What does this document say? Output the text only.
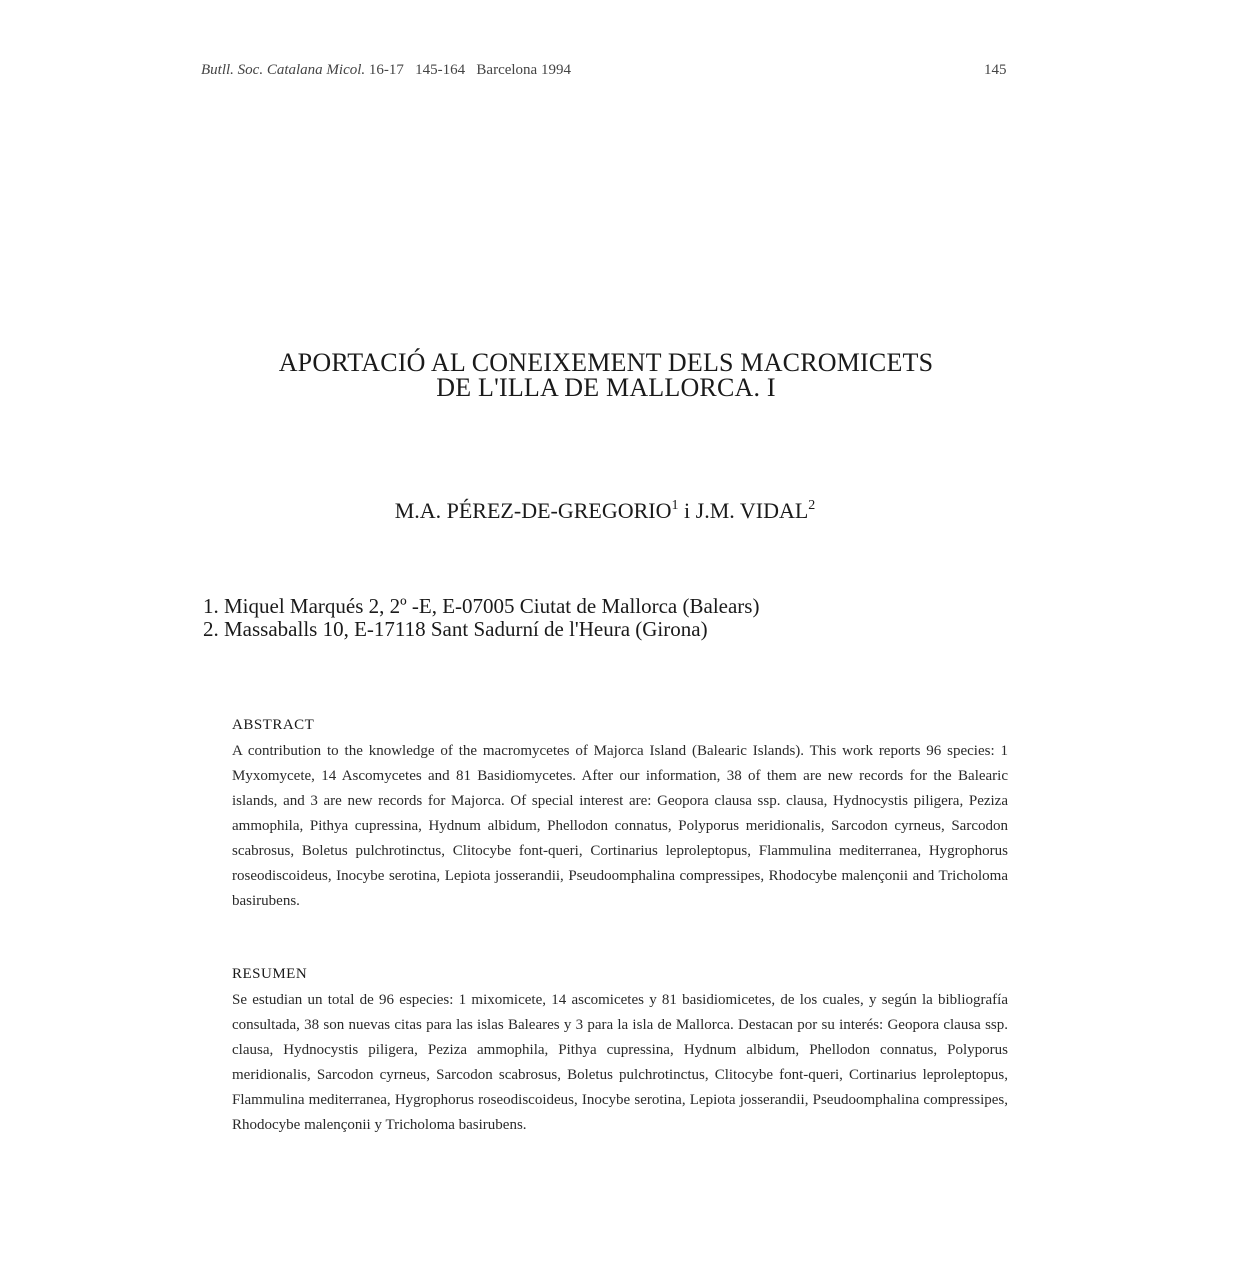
Butll. Soc. Catalana Micol. 16-17 145-164 Barcelona 1994	145
APORTACIÓ AL CONEIXEMENT DELS MACROMICETS
DE L'ILLA DE MALLORCA. I
M.A. PÉREZ-DE-GREGORIO$^1$ i J.M. VIDAL$^2$
1. Miquel Marqués 2, 2º -E, E-07005 Ciutat de Mallorca (Balears)
2. Massaballs 10, E-17118 Sant Sadurní de l'Heura (Girona)
ABSTRACT
A contribution to the knowledge of the macromycetes of Majorca Island (Balearic Islands). This work reports 96 species: 1 Myxomycete, 14 Ascomycetes and 81 Basidiomycetes. After our information, 38 of them are new records for the Balearic islands, and 3 are new records for Majorca. Of special interest are: Geopora clausa ssp. clausa, Hydnocystis piligera, Peziza ammophila, Pithya cupressina, Hydnum albidum, Phellodon connatus, Polyporus meridionalis, Sarcodon cyrneus, Sarcodon scabrosus, Boletus pulchrotinctus, Clitocybe font-queri, Cortinarius leproleptopus, Flammulina mediterranea, Hygrophorus roseodiscoideus, Inocybe serotina, Lepiota josserandii, Pseudoomphalina compressipes, Rhodocybe malençonii and Tricholoma basirubens.
RESUMEN
Se estudian un total de 96 especies: 1 mixomicete, 14 ascomicetes y 81 basidiomicetes, de los cuales, y según la bibliografía consultada, 38 son nuevas citas para las islas Baleares y 3 para la isla de Mallorca. Destacan por su interés: Geopora clausa ssp. clausa, Hydnocystis piligera, Peziza ammophila, Pithya cupressina, Hydnum albidum, Phellodon connatus, Polyporus meridionalis, Sarcodon cyrneus, Sarcodon scabrosus, Boletus pulchrotinctus, Clitocybe font-queri, Cortinarius leproleptopus, Flammulina mediterranea, Hygrophorus roseodiscoideus, Inocybe serotina, Lepiota josserandii, Pseudoomphalina compressipes, Rhodocybe malençonii y Tricholoma basirubens.
